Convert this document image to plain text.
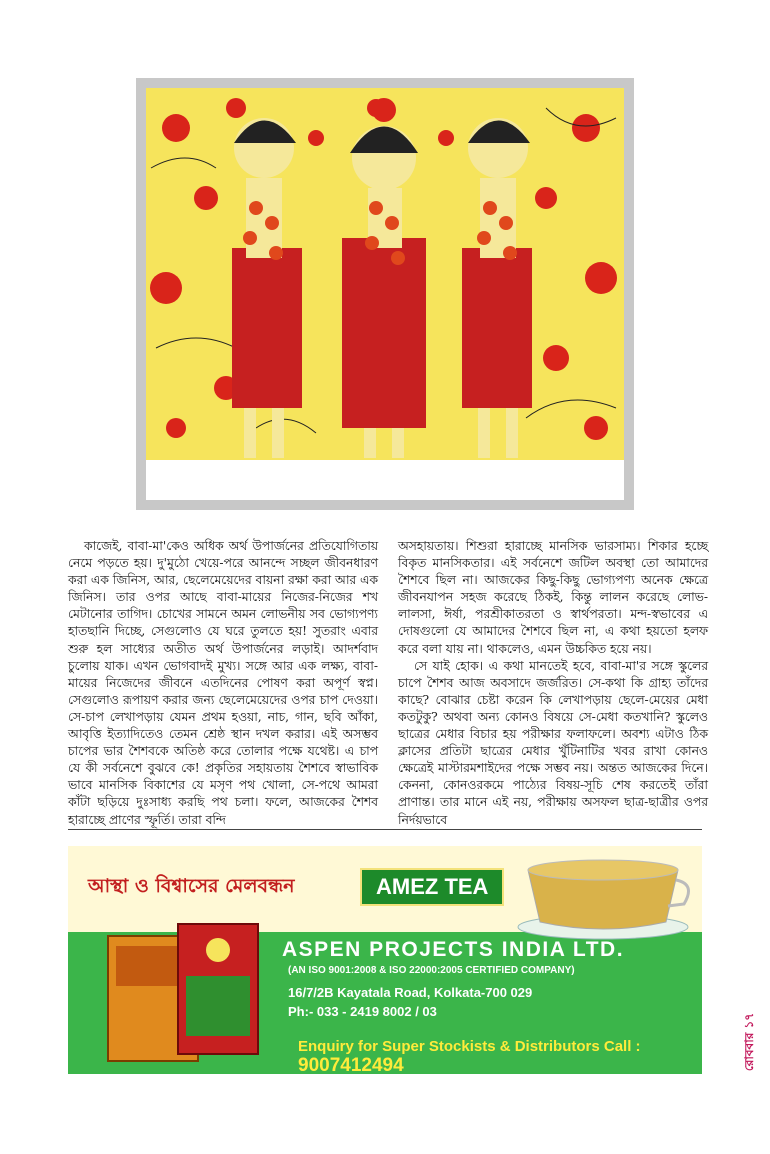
কাজেই, বাবা-মা'কেও অধিক অর্থ উপার্জনের প্রতিযোগিতায় নেমে পড়তে হয়। দু'মুঠো খেয়ে-পরে আনন্দে সচ্ছল জীবনধারণ করা এক জিনিস, আর, ছেলেমেয়েদের বায়না রক্ষা করা আর এক জিনিস। তার ওপর আছে বাবা-মায়ের নিজের-নিজের শখ মেটানোর তাগিদ। চোখের সামনে অমন লোভনীয় সব ভোগ্যপণ্য হাতছানি দিচ্ছে, সেগুলোও যে ঘরে তুলতে হয়! সুতরাং এবার শুরু হল সাধ্যের অতীত অর্থ উপার্জনের লড়াই। আদর্শবাদ চুলোয় যাক। এখন ভোগবাদই মুখ্য। সঙ্গে আর এক লক্ষ্য, বাবা-মায়ের নিজেদের জীবনে এতদিনের পোষণ করা অপূর্ণ স্বপ্ন। সেগুলোও রূপায়ণ করার জন্য ছেলেমেয়েদের ওপর চাপ দেওয়া। সে-চাপ লেখাপড়ায় যেমন প্রথম হওয়া, নাচ, গান, ছবি আঁকা, আবৃত্তি ইত্যাদিতেও তেমন শ্রেষ্ঠ স্থান দখল করার। এই অসম্ভব চাপের ভার শৈশবকে অতিষ্ঠ করে তোলার পক্ষে যথেষ্ট। এ চাপ যে কী সর্বনেশে বুঝবে কে! প্রকৃতির সহায়তায় শৈশবে স্বাভাবিক ভাবে মানসিক বিকাশের যে মসৃণ পথ খোলা, সে-পথে আমরা কাঁটা ছড়িয়ে দুঃসাধ্য করছি পথ চলা। ফলে, আজকের শৈশব হারাচ্ছে প্রাণের স্ফূর্তি। তারা বন্দি

অসহায়তায়। শিশুরা হারাচ্ছে মানসিক ভারসাম্য। শিকার হচ্ছে বিকৃত মানসিকতার। এই সর্বনেশে জটিল অবস্থা তো আমাদের শৈশবে ছিল না। আজকের কিছু-কিছু ভোগ্যপণ্য অনেক ক্ষেত্রে জীবনযাপন সহজ করেছে ঠিকই, কিন্তু লালন করেছে লোভ-লালসা, ঈর্ষা, পরশ্রীকাতরতা ও স্বার্থপরতা। মন্দ-স্বভাবের এ দোষগুলো যে আমাদের শৈশবে ছিল না, এ কথা হয়তো হলফ করে বলা যায় না। থাকলেও, এমন উচ্চকিত হয়ে নয়।

সে যাই হোক। এ কথা মানতেই হবে, বাবা-মা'র সঙ্গে স্কুলের চাপে শৈশব আজ অবসাদে জর্জরিত। সে-কথা কি গ্রাহ্য তাঁদের কাছে? বোঝার চেষ্টা করেন কি লেখাপড়ায় ছেলে-মেয়ের মেধা কতটুকু? অথবা অন্য কোনও বিষয়ে সে-মেধা কতখানি? স্কুলেও ছাত্রের মেধার বিচার হয় পরীক্ষার ফলাফলে। অবশ্য এটাও ঠিক ক্লাসের প্রতিটা ছাত্রের মেধার খুঁটিনাটির খবর রাখা কোনও ক্ষেত্রেই মাস্টারমশাইদের পক্ষে সম্ভব নয়। অন্তত আজকের দিনে। কেননা, কোনওরকমে পাঠ্যের বিষয়-সূচি শেষ করতেই তাঁরা প্রাণান্ত। তার মানে এই নয়, পরীক্ষায় অসফল ছাত্র-ছাত্রীর ওপর নির্দয়ভাবে

আস্থা ও বিশ্বাসের মেলবন্ধন	AMEZ TEA
ASPEN PROJECTS INDIA LTD.
(AN ISO 9001:2008 & ISO 22000:2005 CERTIFIED COMPANY)
16/7/2B Kayatala Road, Kolkata-700 029
Ph:- 033 - 2419 8002 / 03
Enquiry for Super Stockists & Distributors Call : 9007412494	রোববার ১৭
